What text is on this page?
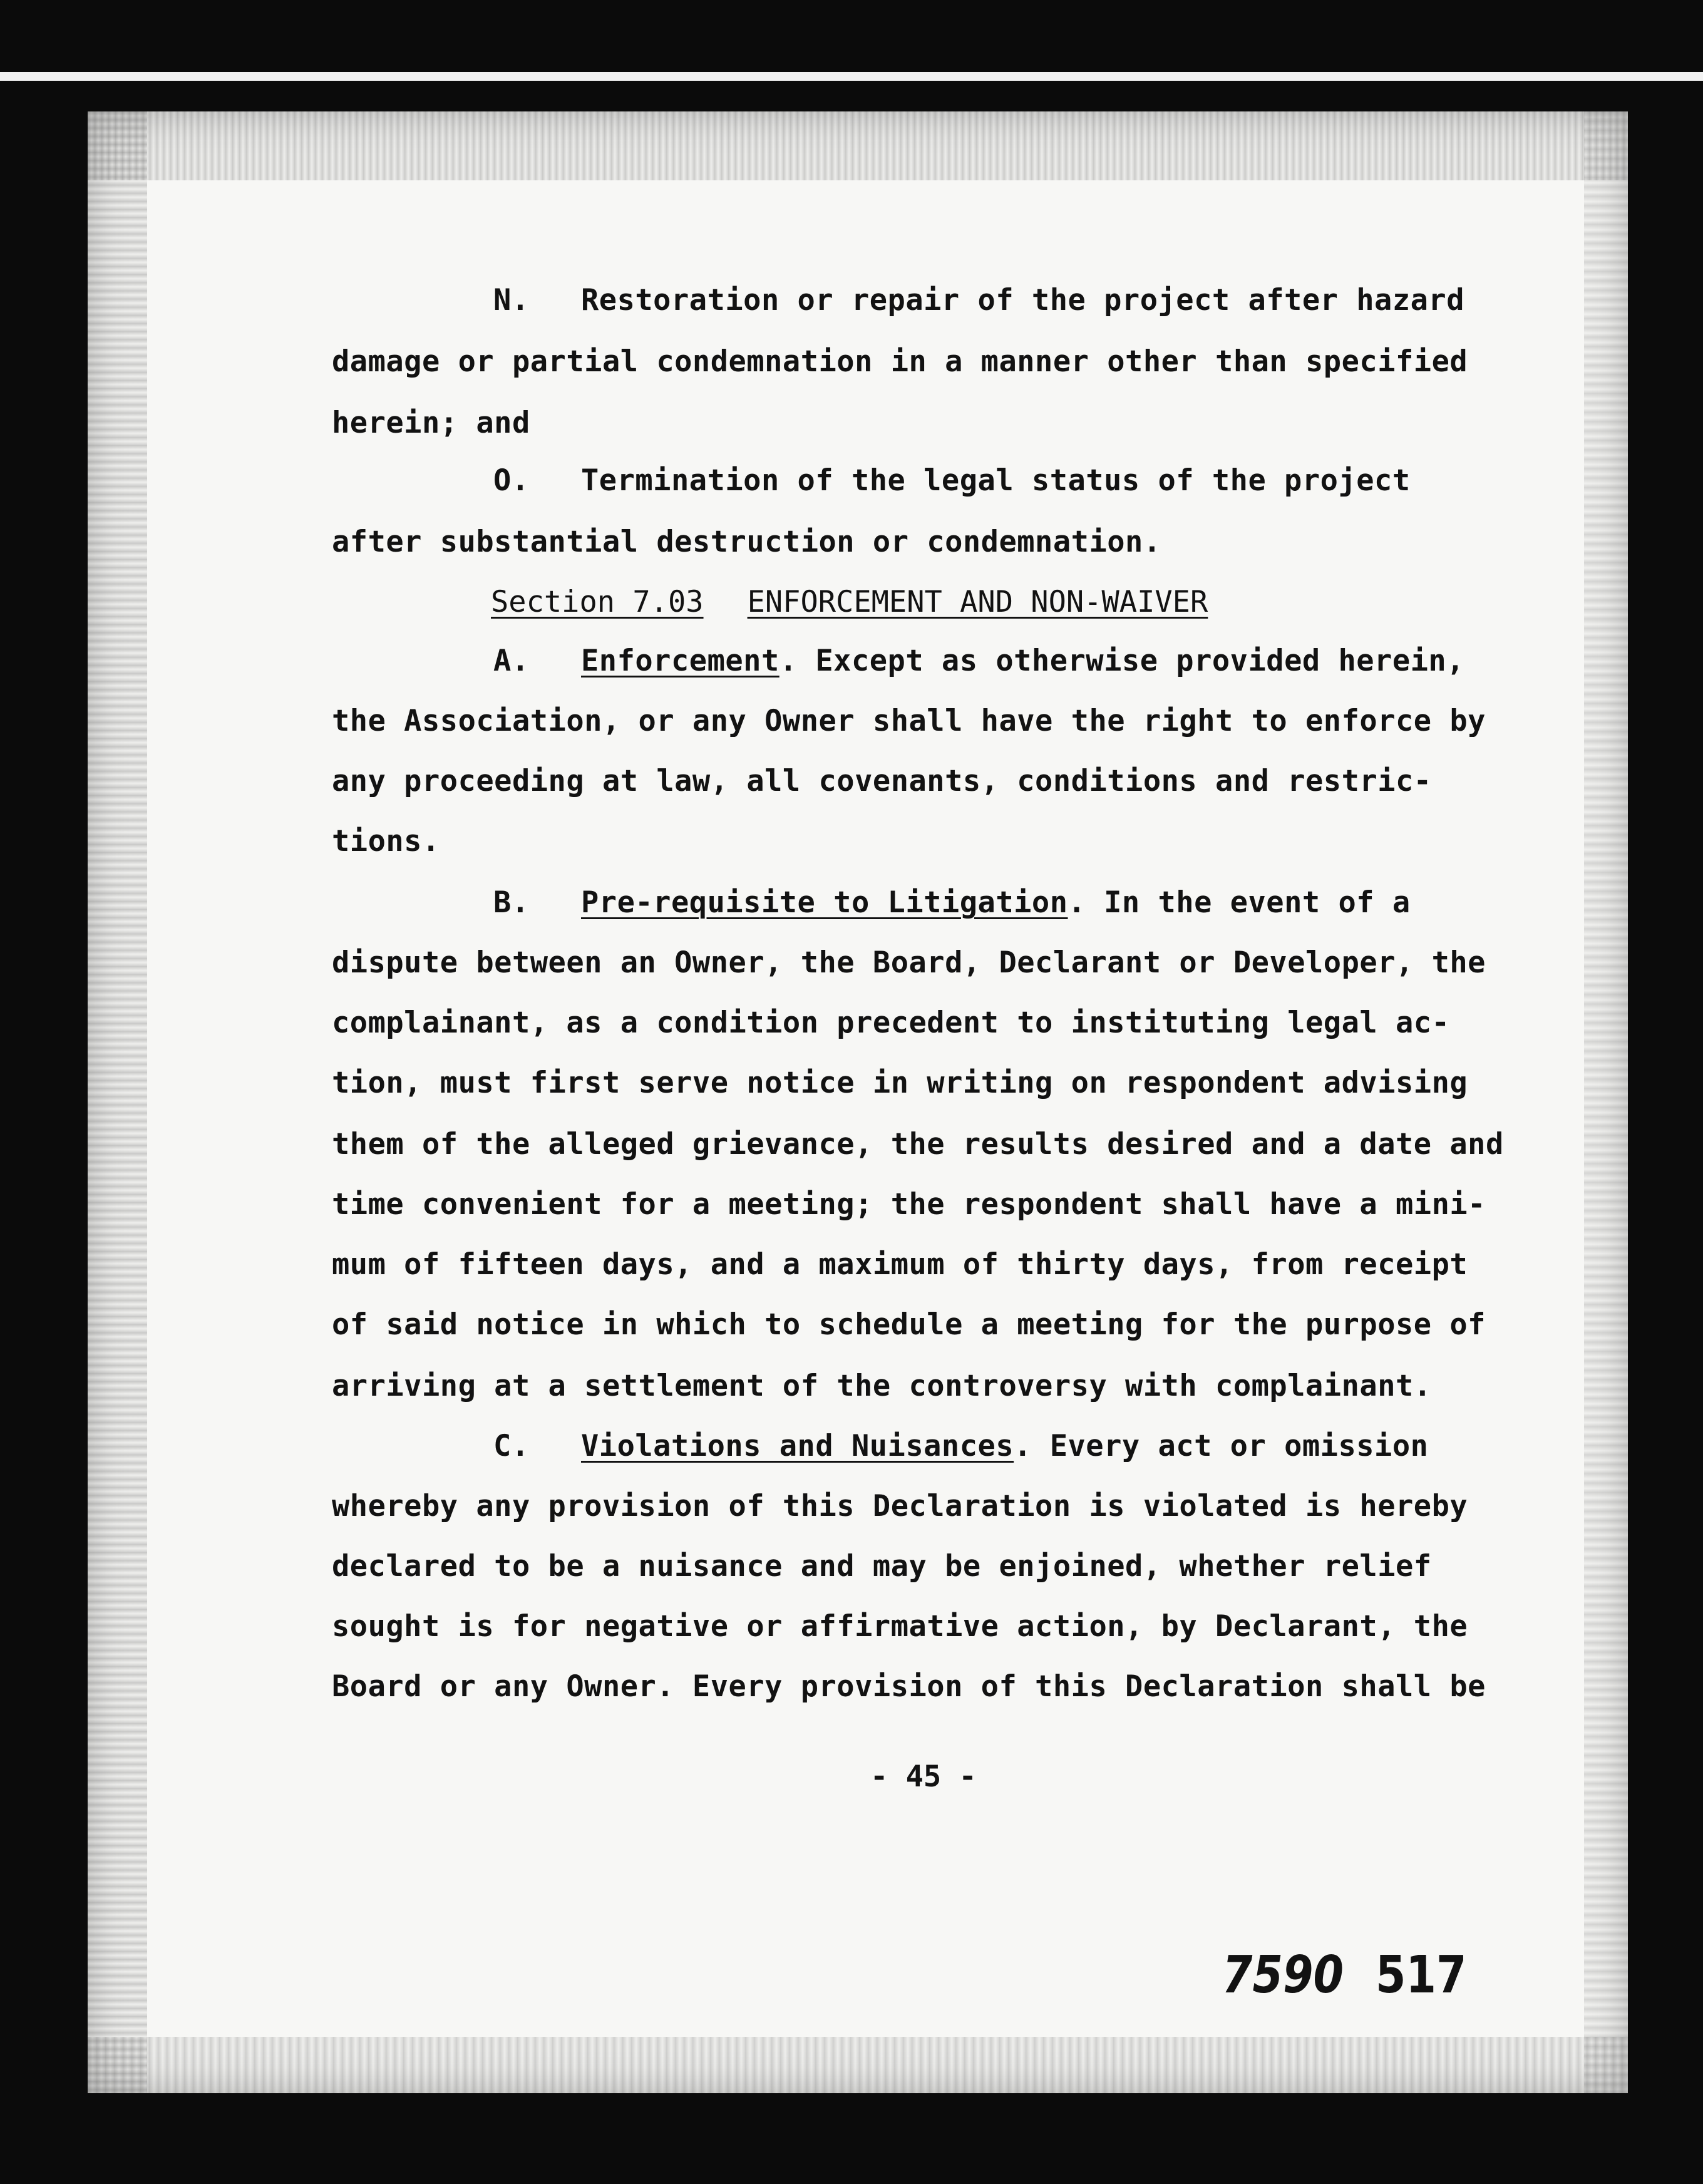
N. Restoration or repair of the project after hazard
damage or partial condemnation in a manner other than specified
herein; and
O. Termination of the legal status of the project
after substantial destruction or condemnation.
Section 7.03 ENFORCEMENT AND NON-WAIVER
A. Enforcement. Except as otherwise provided herein,
the Association, or any Owner shall have the right to enforce by
any proceeding at law, all covenants, conditions and restric-
tions.
B. Pre-requisite to Litigation. In the event of a
dispute between an Owner, the Board, Declarant or Developer, the
complainant, as a condition precedent to instituting legal ac-
tion, must first serve notice in writing on respondent advising
them of the alleged grievance, the results desired and a date and
time convenient for a meeting; the respondent shall have a mini-
mum of fifteen days, and a maximum of thirty days, from receipt
of said notice in which to schedule a meeting for the purpose of
arriving at a settlement of the controversy with complainant.
C. Violations and Nuisances. Every act or omission
whereby any provision of this Declaration is violated is hereby
declared to be a nuisance and may be enjoined, whether relief
sought is for negative or affirmative action, by Declarant, the
Board or any Owner. Every provision of this Declaration shall be
- 45 -
7590 517
